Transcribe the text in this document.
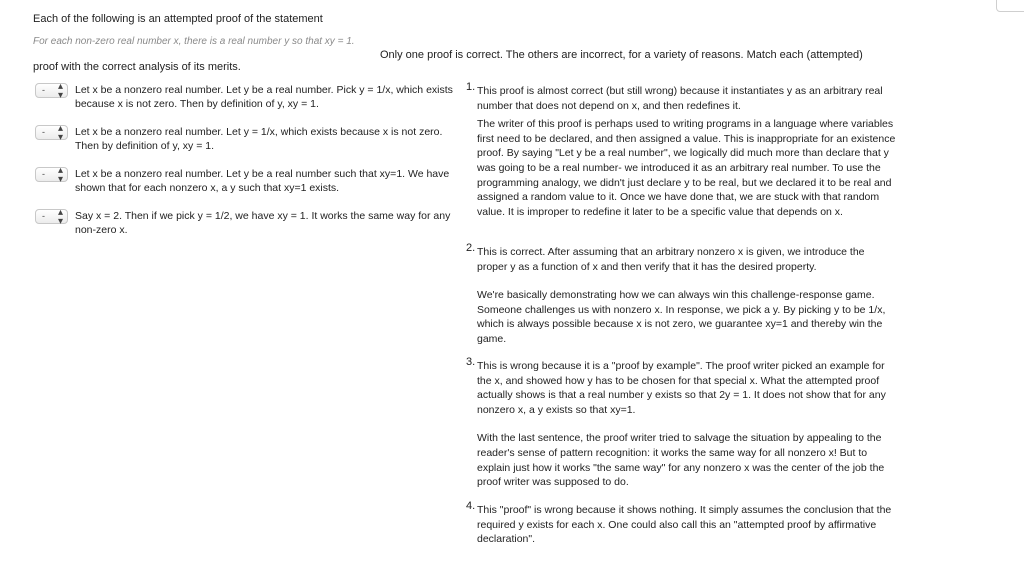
Each of the following is an attempted proof of the statement
For each non-zero real number x, there is a real number y so that xy = 1.
Only one proof is correct. The others are incorrect, for a variety of reasons. Match each (attempted)
proof with the correct analysis of its merits.
- ▴
▾ Let x be a nonzero real number. Let y be a real number. Pick y = 1/x, which exists because x is not zero. Then by definition of y, xy = 1.
- ▴
▾ Let x be a nonzero real number. Let y = 1/x, which exists because x is not zero. Then by definition of y, xy = 1.
- ▴
▾ Let x be a nonzero real number. Let y be a real number such that xy=1. We have shown that for each nonzero x, a y such that xy=1 exists.
- ▴
▾ Say x = 2. Then if we pick y = 1/2, we have xy = 1. It works the same way for any non-zero x.
1. This proof is almost correct (but still wrong) because it instantiates y as an arbitrary real number that does not depend on x, and then redefines it.
The writer of this proof is perhaps used to writing programs in a language where variables first need to be declared, and then assigned a value. This is inappropriate for an existence proof. By saying "Let y be a real number", we logically did much more than declare that y was going to be a real number- we introduced it as an arbitrary real number. To use the programming analogy, we didn't just declare y to be real, but we declared it to be real and assigned a random value to it. Once we have done that, we are stuck with that random value. It is improper to redefine it later to be a specific value that depends on x.
2. This is correct. After assuming that an arbitrary nonzero x is given, we introduce the proper y as a function of x and then verify that it has the desired property.
We're basically demonstrating how we can always win this challenge-response game. Someone challenges us with nonzero x. In response, we pick a y. By picking y to be 1/x, which is always possible because x is not zero, we guarantee xy=1 and thereby win the game.
3. This is wrong because it is a "proof by example". The proof writer picked an example for the x, and showed how y has to be chosen for that special x. What the attempted proof actually shows is that a real number y exists so that 2y = 1. It does not show that for any nonzero x, a y exists so that xy=1.
With the last sentence, the proof writer tried to salvage the situation by appealing to the reader's sense of pattern recognition: it works the same way for all nonzero x! But to explain just how it works "the same way" for any nonzero x was the center of the job the proof writer was supposed to do.
4. This "proof" is wrong because it shows nothing. It simply assumes the conclusion that the required y exists for each x. One could also call this an "attempted proof by affirmative declaration".
